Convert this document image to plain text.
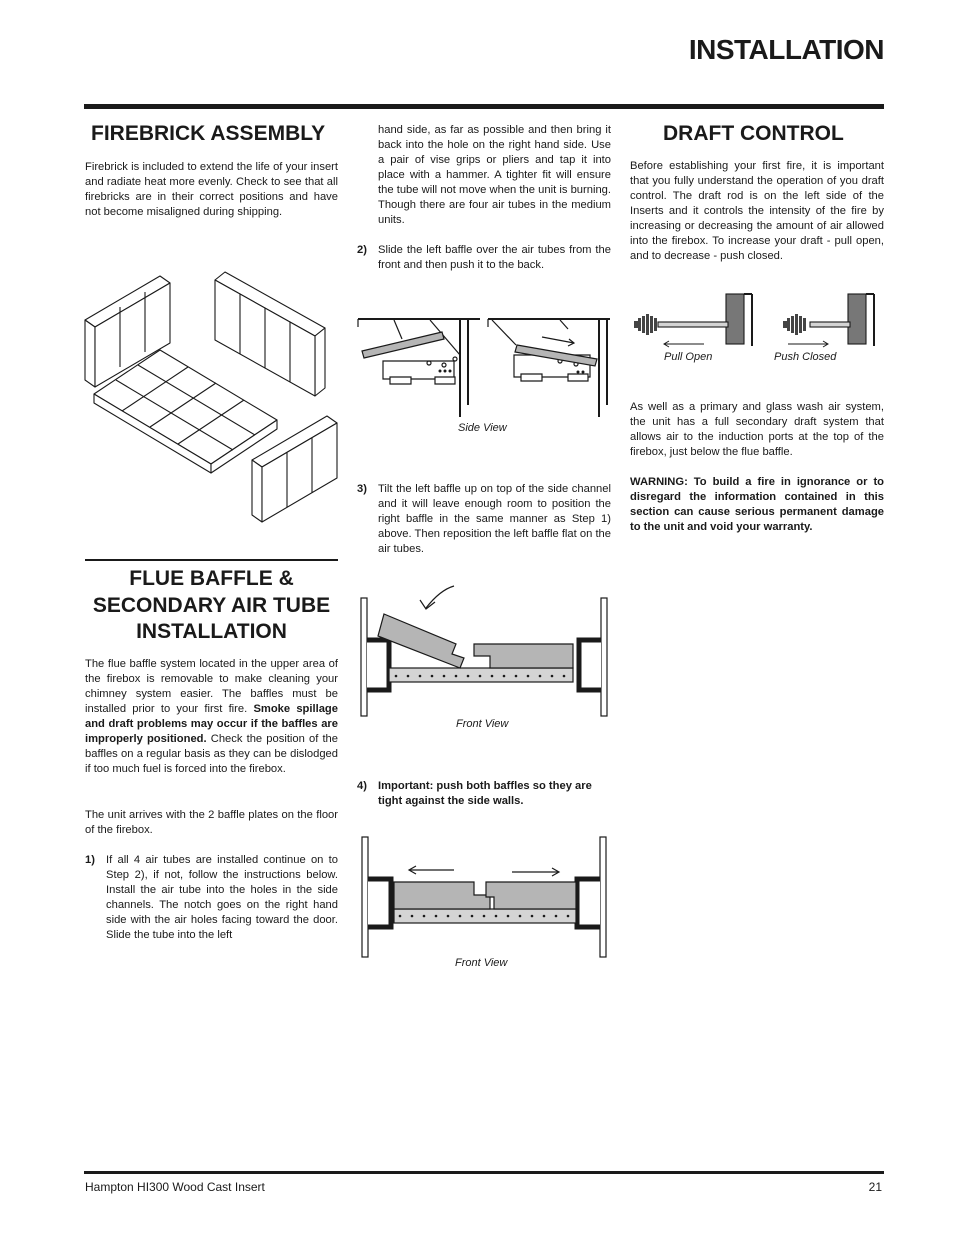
INSTALLATION
FIREBRICK ASSEMBLY
Firebrick is included to extend the life of your insert and radiate heat more evenly. Check to see that all firebricks are in their correct positions and have not become misaligned during shipping.
FLUE BAFFLE &
SECONDARY AIR TUBE
INSTALLATION
The flue baffle system located in the upper area of the firebox is removable to make cleaning your chimney system easier. The baffles must be installed prior to your first fire. Smoke spillage and draft problems may occur if the baffles are improperly positioned. Check the position of the baffles on a regular basis as they can be dislodged if too much fuel is forced into the firebox.
The unit arrives with the 2 baffle plates on the floor of the firebox.
1) If all 4 air tubes are installed continue on to Step 2), if not, follow the instructions below. Install the air tube into the holes in the side channels. The notch goes on the right hand side with the air holes facing toward the door. Slide the tube into the left
hand side, as far as possible and then bring it back into the hole on the right hand side. Use a pair of vise grips or pliers and tap it into place with a hammer. A tighter fit will ensure the tube will not move when the unit is burning. Though there are four air tubes in the medium units.
2) Slide the left baffle over the air tubes from the front and then push it to the back.
Side View
3) Tilt the left baffle up on top of the side channel and it will leave enough room to position the right baffle in the same manner as Step 1) above. Then reposition the left baffle flat on the air tubes.
Front View
4) Important: push both baffles so they are tight against the side walls.
Front View
DRAFT CONTROL
Before establishing your first fire, it is important that you fully understand the operation of you draft control. The draft rod is on the left side of the Inserts and it controls the intensity of the fire by increasing or decreasing the amount of air allowed into the firebox. To increase your draft - pull open, and to decrease - push closed.
Pull Open	Push Closed
As well as a primary and glass wash air system, the unit has a full secondary draft system that allows air to the induction ports at the top of the firebox, just below the flue baffle.
WARNING: To build a fire in ignorance or to disregard the information contained in this section can cause serious permanent damage to the unit and void your warranty.
Hampton HI300 Wood Cast Insert	21
